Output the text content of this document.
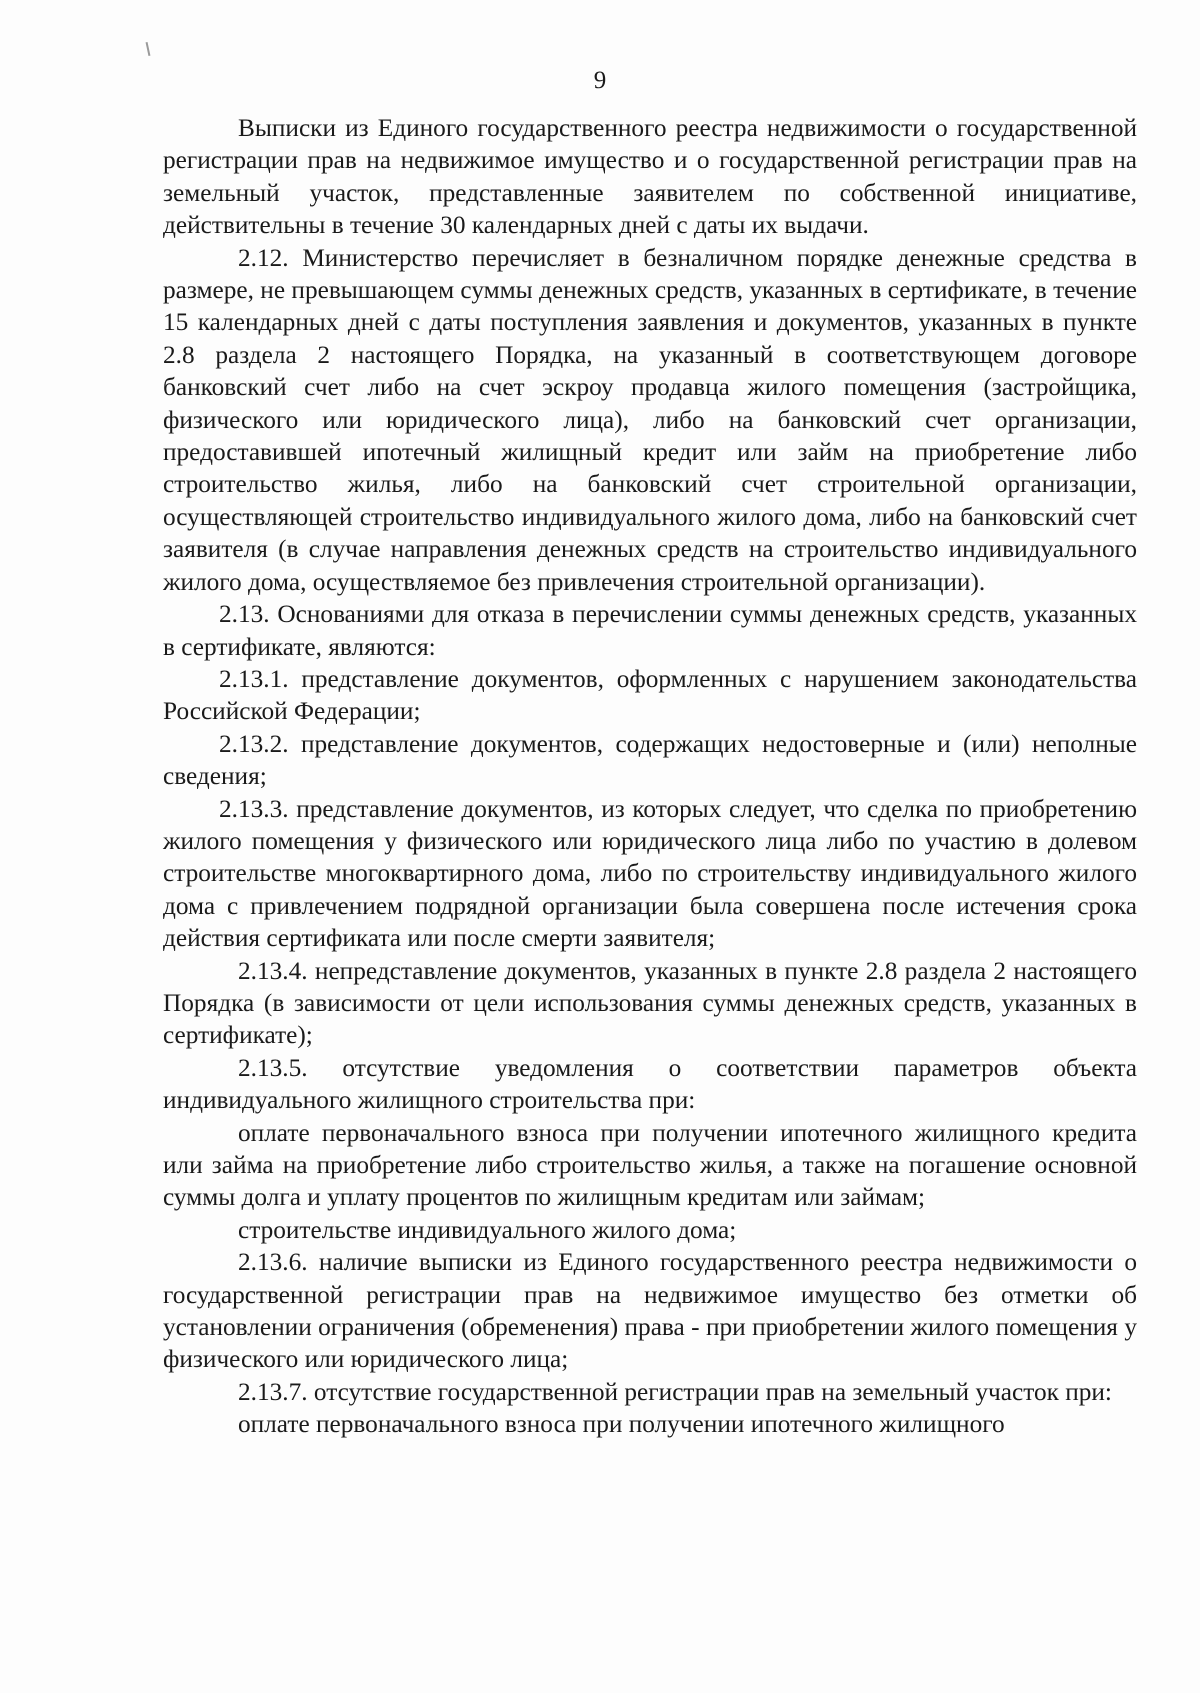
9

Выписки из Единого государственного реестра недвижимости о государственной регистрации прав на недвижимое имущество и о государственной регистрации прав на земельный участок, представленные заявителем по собственной инициативе, действительны в течение 30 календарных дней с даты их выдачи.

2.12. Министерство перечисляет в безналичном порядке денежные средства в размере, не превышающем суммы денежных средств, указанных в сертификате, в течение 15 календарных дней с даты поступления заявления и документов, указанных в пункте 2.8 раздела 2 настоящего Порядка, на указанный в соответствующем договоре банковский счет либо на счет эскроу продавца жилого помещения (застройщика, физического или юридического лица), либо на банковский счет организации, предоставившей ипотечный жилищный кредит или займ на приобретение либо строительство жилья, либо на банковский счет строительной организации, осуществляющей строительство индивидуального жилого дома, либо на банковский счет заявителя (в случае направления денежных средств на строительство индивидуального жилого дома, осуществляемое без привлечения строительной организации).

2.13. Основаниями для отказа в перечислении суммы денежных средств, указанных в сертификате, являются:

2.13.1. представление документов, оформленных с нарушением законодательства Российской Федерации;

2.13.2. представление документов, содержащих недостоверные и (или) неполные сведения;

2.13.3. представление документов, из которых следует, что сделка по приобретению жилого помещения у физического или юридического лица либо по участию в долевом строительстве многоквартирного дома, либо по строительству индивидуального жилого дома с привлечением подрядной организации была совершена после истечения срока действия сертификата или после смерти заявителя;

2.13.4. непредставление документов, указанных в пункте 2.8 раздела 2 настоящего Порядка (в зависимости от цели использования суммы денежных средств, указанных в сертификате);

2.13.5. отсутствие уведомления о соответствии параметров объекта индивидуального жилищного строительства при:

оплате первоначального взноса при получении ипотечного жилищного кредита или займа на приобретение либо строительство жилья, а также на погашение основной суммы долга и уплату процентов по жилищным кредитам или займам;

строительстве индивидуального жилого дома;

2.13.6. наличие выписки из Единого государственного реестра недвижимости о государственной регистрации прав на недвижимое имущество без отметки об установлении ограничения (обременения) права - при приобретении жилого помещения у физического или юридического лица;

2.13.7. отсутствие государственной регистрации прав на земельный участок при:

оплате первоначального взноса при получении ипотечного жилищного
